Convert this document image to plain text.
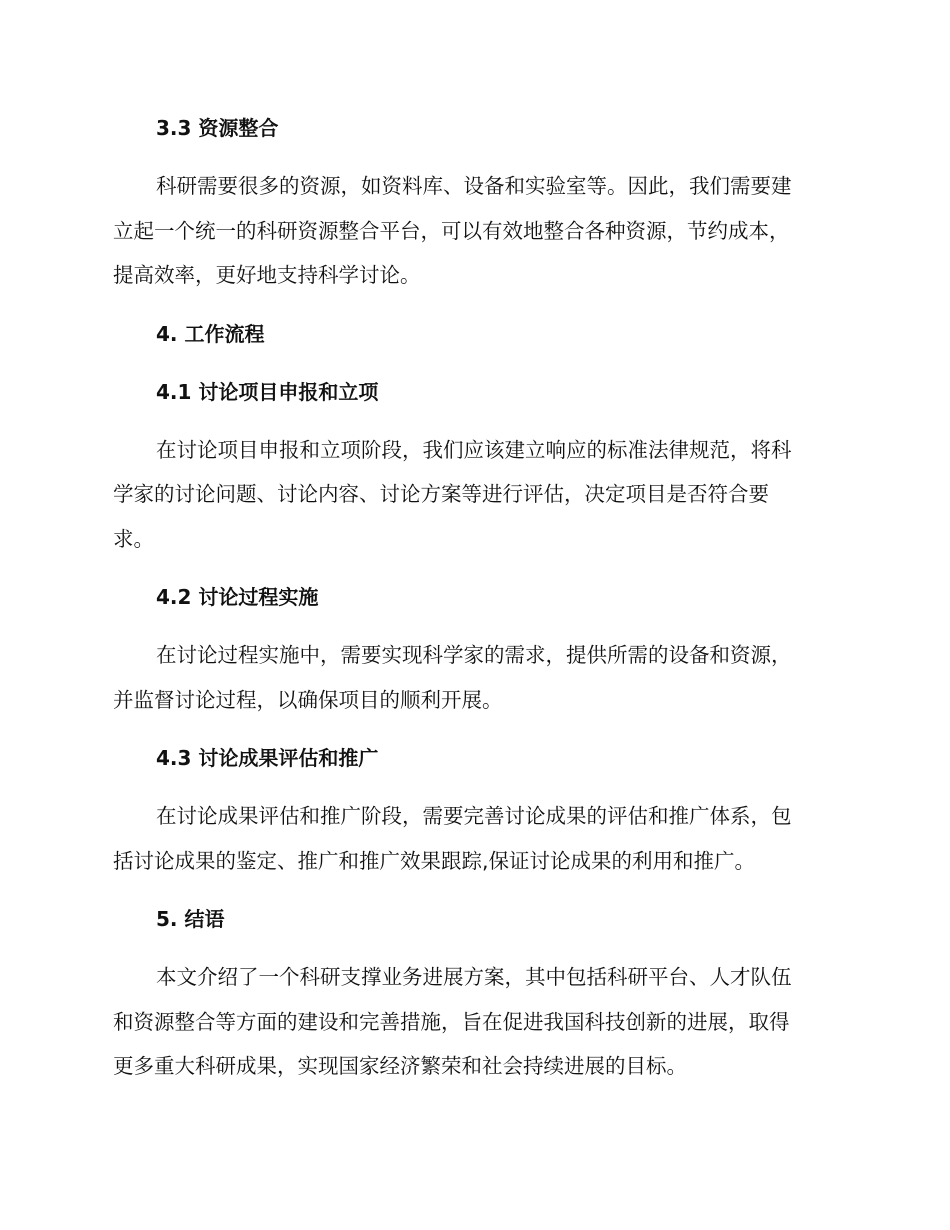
3.3 资源整合
科研需要很多的资源，如资料库、设备和实验室等。因此，我们需要建
立起一个统一的科研资源整合平台，可以有效地整合各种资源，节约成本，
提高效率，更好地支持科学讨论。
4. 工作流程
4.1 讨论项目申报和立项
在讨论项目申报和立项阶段，我们应该建立响应的标准法律规范，将科
学家的讨论问题、讨论内容、讨论方案等进行评估，决定项目是否符合要
求。
4.2 讨论过程实施
在讨论过程实施中，需要实现科学家的需求，提供所需的设备和资源，
并监督讨论过程，以确保项目的顺利开展。
4.3 讨论成果评估和推广
在讨论成果评估和推广阶段，需要完善讨论成果的评估和推广体系，包
括讨论成果的鉴定、推广和推广效果跟踪,保证讨论成果的利用和推广。
5. 结语
本文介绍了一个科研支撑业务进展方案，其中包括科研平台、人才队伍
和资源整合等方面的建设和完善措施，旨在促进我国科技创新的进展，取得
更多重大科研成果，实现国家经济繁荣和社会持续进展的目标。
